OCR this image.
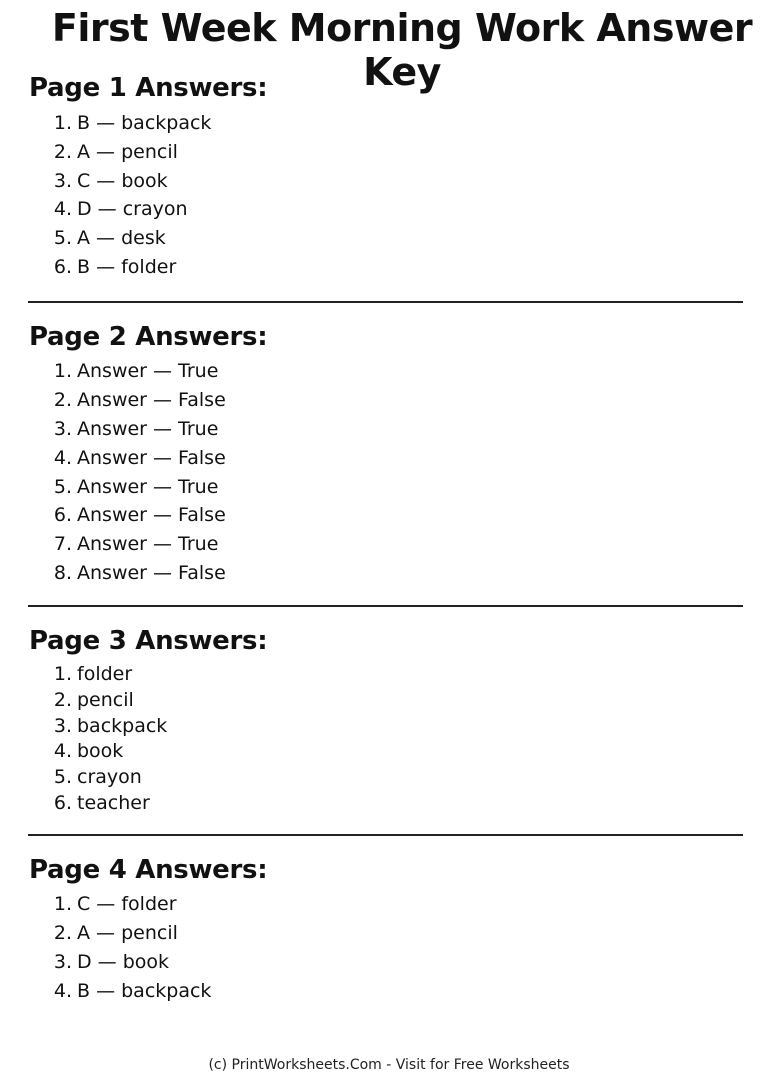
First Week Morning Work Answer Key
Page 1 Answers:
1. B — backpack
2. A — pencil
3. C — book
4. D — crayon
5. A — desk
6. B — folder
Page 2 Answers:
1. Answer — True
2. Answer — False
3. Answer — True
4. Answer — False
5. Answer — True
6. Answer — False
7. Answer — True
8. Answer — False
Page 3 Answers:
1. folder
2. pencil
3. backpack
4. book
5. crayon
6. teacher
Page 4 Answers:
1. C — folder
2. A — pencil
3. D — book
4. B — backpack
(c) PrintWorksheets.Com - Visit for Free Worksheets
